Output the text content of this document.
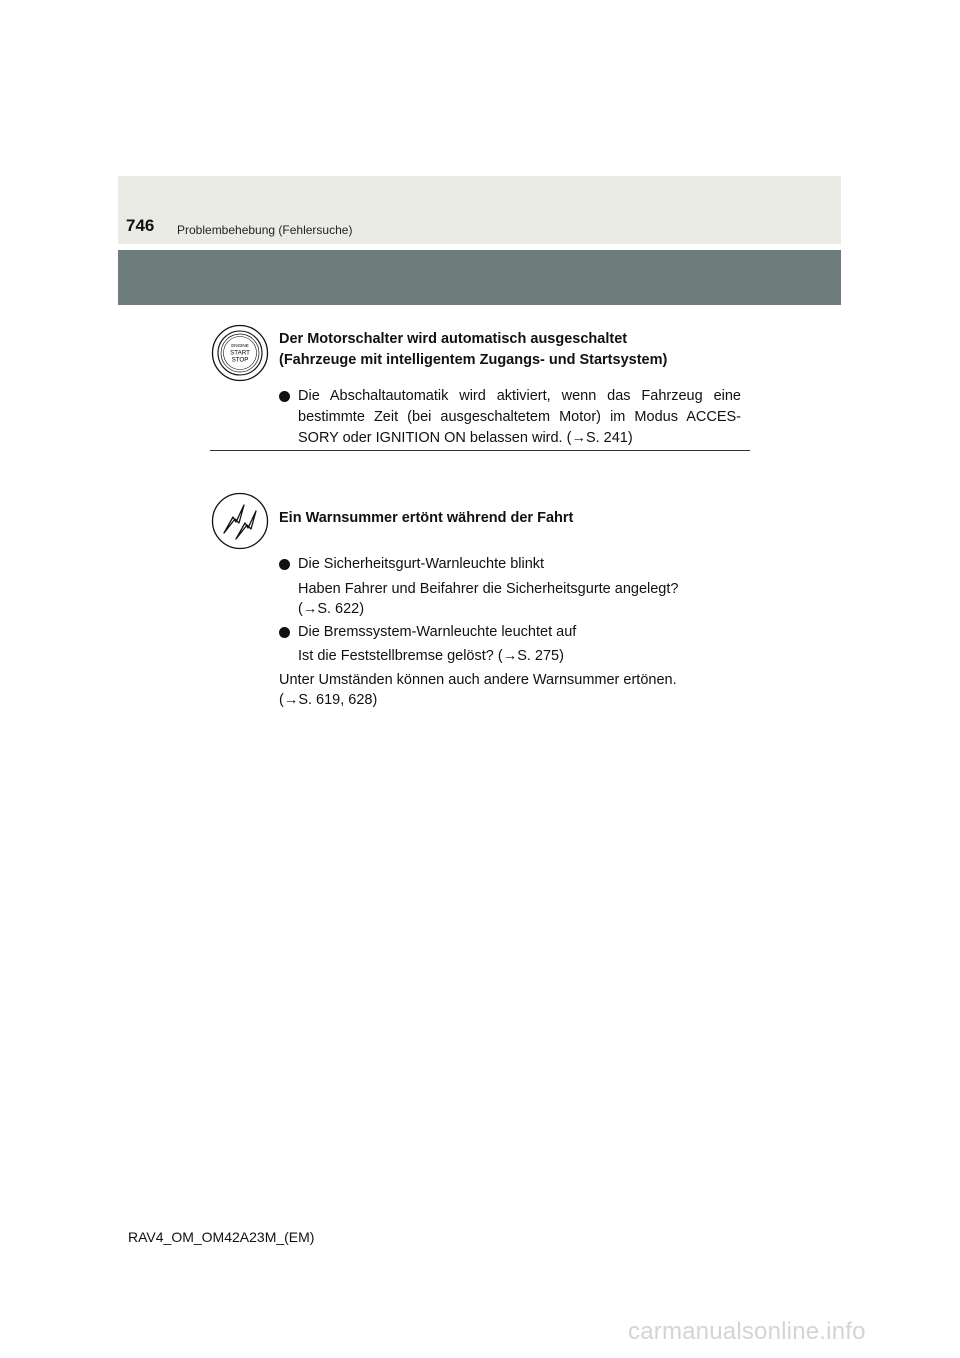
746 Problembehebung (Fehlersuche)
ENGINE
START
STOP
Der Motorschalter wird automatisch ausgeschaltet
(Fahrzeuge mit intelligentem Zugangs- und Startsystem)
Die Abschaltautomatik wird aktiviert, wenn das Fahrzeug eine
bestimmte Zeit (bei ausgeschaltetem Motor) im Modus ACCES-
SORY oder IGNITION ON belassen wird. (→S. 241)
Ein Warnsummer ertönt während der Fahrt
Die Sicherheitsgurt-Warnleuchte blinkt
Haben Fahrer und Beifahrer die Sicherheitsgurte angelegt?
(→S. 622)
Die Bremssystem-Warnleuchte leuchtet auf
Ist die Feststellbremse gelöst? (→S. 275)
Unter Umständen können auch andere Warnsummer ertönen.
(→S. 619, 628)
RAV4_OM_OM42A23M_(EM)
carmanualsonline.info
